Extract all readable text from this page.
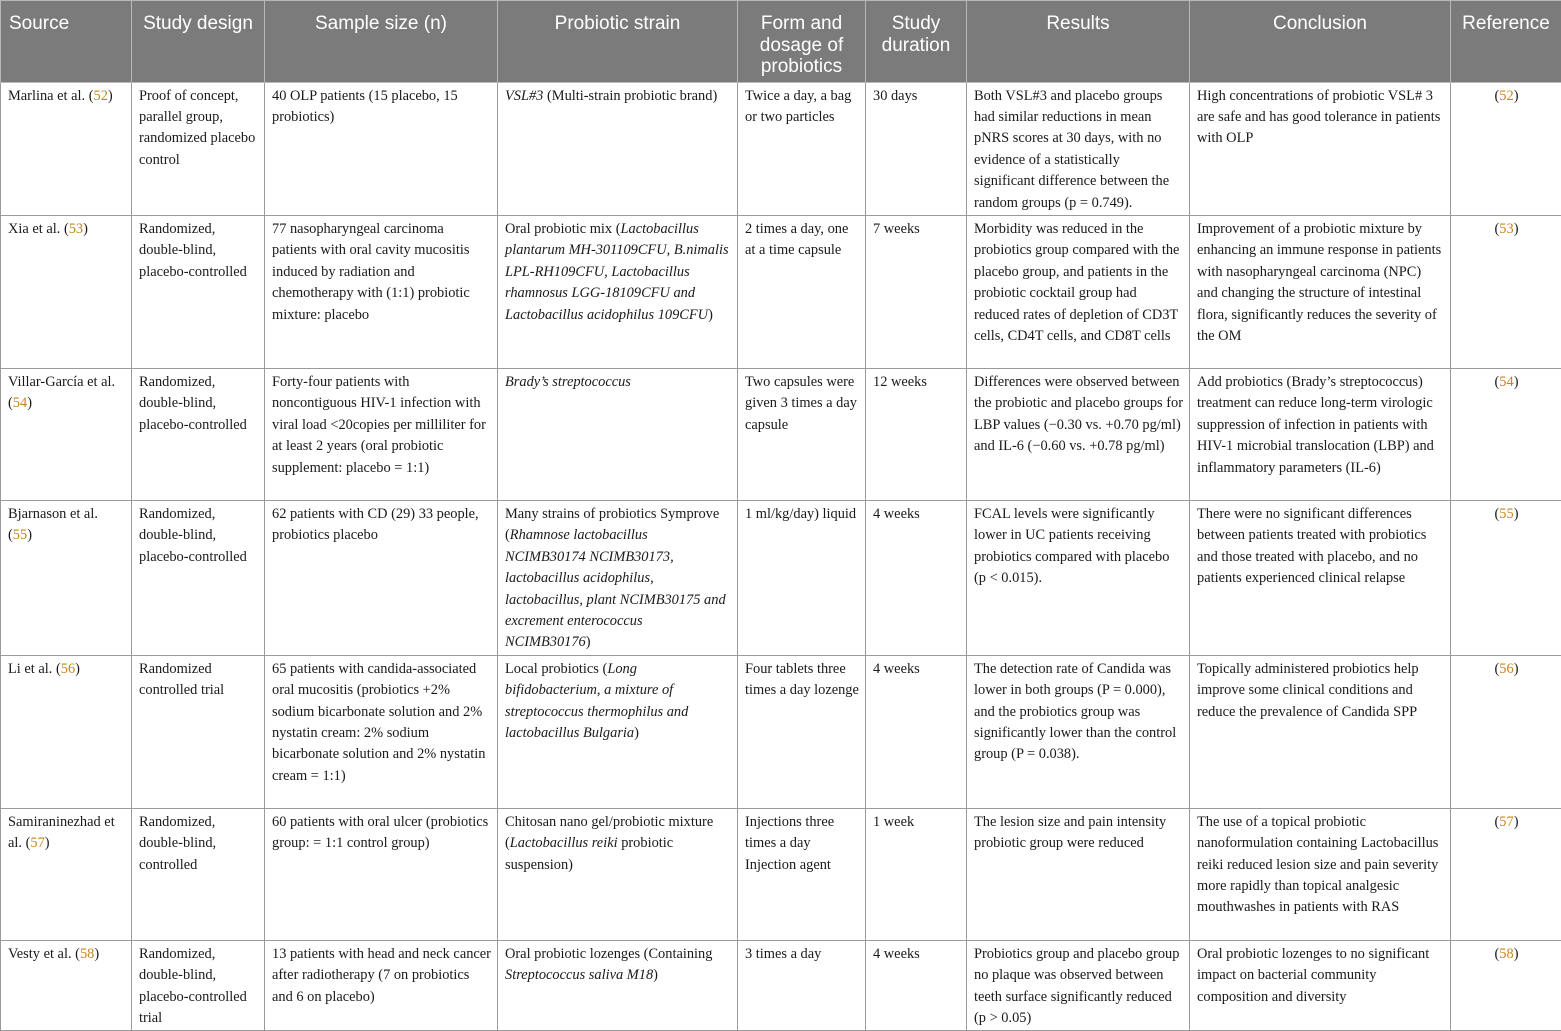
Source	Study design	Sample size (n)	Probiotic strain	Form and dosage of probiotics	Study duration	Results	Conclusion	Reference
Marlina et al. (52)	Proof of concept, parallel group, randomized placebo control	40 OLP patients (15 placebo, 15 probiotics)	VSL#3 (Multi-strain probiotic brand)	Twice a day, a bag or two particles	30 days	Both VSL#3 and placebo groups had similar reductions in mean pNRS scores at 30 days, with no evidence of a statistically significant difference between the random groups (p = 0.749).	High concentrations of probiotic VSL# 3 are safe and has good tolerance in patients with OLP	(52)
Xia et al. (53)	Randomized, double-blind, placebo-controlled	77 nasopharyngeal carcinoma patients with oral cavity mucositis induced by radiation and chemotherapy with (1:1) probiotic mixture: placebo	Oral probiotic mix (Lactobacillus plantarum MH-301109CFU, B.nimalis LPL-RH109CFU, Lactobacillus rhamnosus LGG-18109CFU and Lactobacillus acidophilus 109CFU)	2 times a day, one at a time capsule	7 weeks	Morbidity was reduced in the probiotics group compared with the placebo group, and patients in the probiotic cocktail group had reduced rates of depletion of CD3T cells, CD4T cells, and CD8T cells	Improvement of a probiotic mixture by enhancing an immune response in patients with nasopharyngeal carcinoma (NPC) and changing the structure of intestinal flora, significantly reduces the severity of the OM	(53)
Villar-García et al. (54)	Randomized, double-blind, placebo-controlled	Forty-four patients with noncontiguous HIV-1 infection with viral load <20copies per milliliter for at least 2 years (oral probiotic supplement: placebo = 1:1)	Brady’s streptococcus	Two capsules were given 3 times a day capsule	12 weeks	Differences were observed between the probiotic and placebo groups for LBP values (−0.30 vs. +0.70 pg/ml) and IL-6 (−0.60 vs. +0.78 pg/ml)	Add probiotics (Brady’s streptococcus) treatment can reduce long-term virologic suppression of infection in patients with HIV-1 microbial translocation (LBP) and inflammatory parameters (IL-6)	(54)
Bjarnason et al. (55)	Randomized, double-blind, placebo-controlled	62 patients with CD (29) 33 people, probiotics placebo	Many strains of probiotics Symprove (Rhamnose lactobacillus NCIMB30174 NCIMB30173, lactobacillus acidophilus, lactobacillus, plant NCIMB30175 and excrement enterococcus NCIMB30176)	1 ml/kg/day) liquid	4 weeks	FCAL levels were significantly lower in UC patients receiving probiotics compared with placebo (p < 0.015).	There were no significant differences between patients treated with probiotics and those treated with placebo, and no patients experienced clinical relapse	(55)
Li et al. (56)	Randomized controlled trial	65 patients with candida-associated oral mucositis (probiotics +2% sodium bicarbonate solution and 2% nystatin cream: 2% sodium bicarbonate solution and 2% nystatin cream = 1:1)	Local probiotics (Long bifidobacterium, a mixture of streptococcus thermophilus and lactobacillus Bulgaria)	Four tablets three times a day lozenge	4 weeks	The detection rate of Candida was lower in both groups (P = 0.000), and the probiotics group was significantly lower than the control group (P = 0.038).	Topically administered probiotics help improve some clinical conditions and reduce the prevalence of Candida SPP	(56)
Samiraninezhad et al. (57)	Randomized, double-blind, controlled	60 patients with oral ulcer (probiotics group: = 1:1 control group)	Chitosan nano gel/probiotic mixture (Lactobacillus reiki probiotic suspension)	Injections three times a day Injection agent	1 week	The lesion size and pain intensity probiotic group were reduced	The use of a topical probiotic nanoformulation containing Lactobacillus reiki reduced lesion size and pain severity more rapidly than topical analgesic mouthwashes in patients with RAS	(57)
Vesty et al. (58)	Randomized, double-blind, placebo-controlled trial	13 patients with head and neck cancer after radiotherapy (7 on probiotics and 6 on placebo)	Oral probiotic lozenges (Containing Streptococcus saliva M18)	3 times a day	4 weeks	Probiotics group and placebo group no plaque was observed between teeth surface significantly reduced (p > 0.05)	Oral probiotic lozenges to no significant impact on bacterial community composition and diversity	(58)
